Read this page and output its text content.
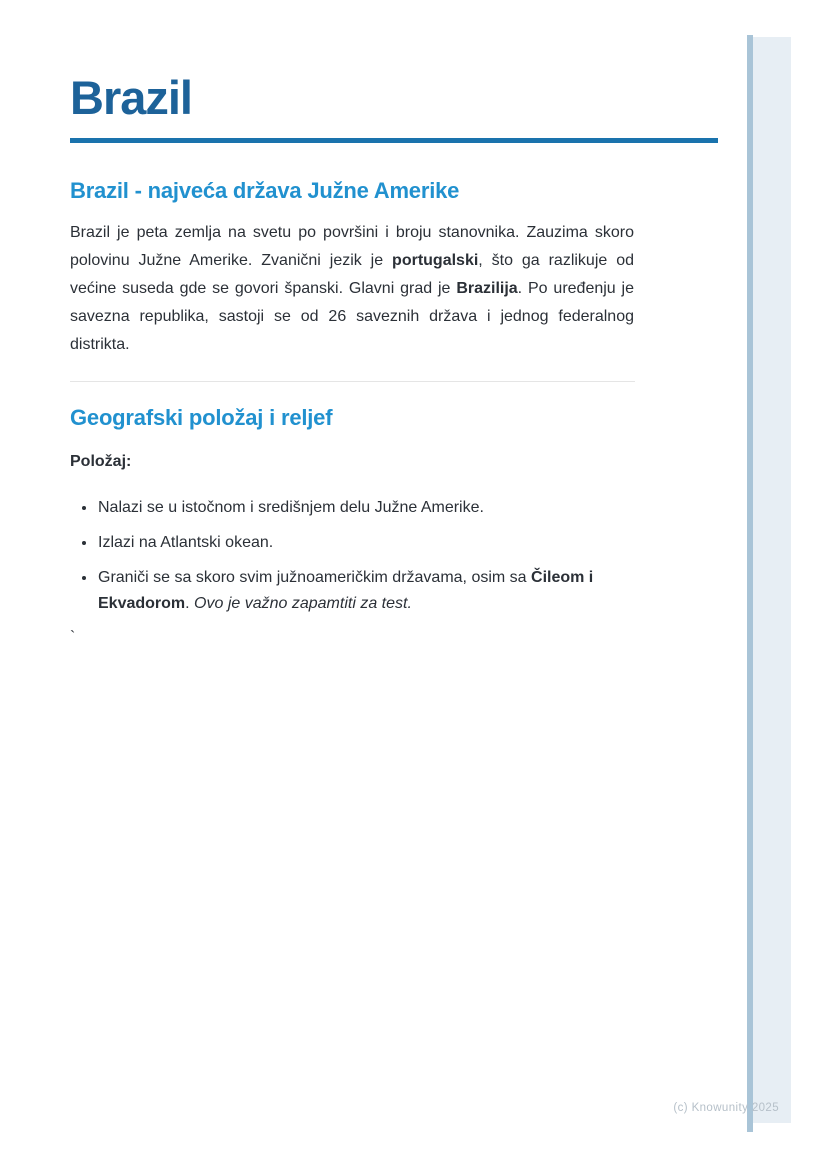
Brazil
Brazil - najveća država Južne Amerike

Brazil je peta zemlja na svetu po površini i broju stanovnika. Zauzima skoro polovinu Južne Amerike. Zvanični jezik je portugalski, što ga razlikuje od većine suseda gde se govori španski. Glavni grad je Brazilija. Po uređenju je savezna republika, sastoji se od 26 saveznih država i jednog federalnog distrikta.

Geografski položaj i reljef

Položaj:

• Nalazi se u istočnom i središnjem delu Južne Amerike.
• Izlazi na Atlantski okean.
• Graniči se sa skoro svim južnoameričkim državama, osim sa Čileom i Ekvadorom. Ovo je važno zapamtiti za test.

`

(c) Knowunity 2025
